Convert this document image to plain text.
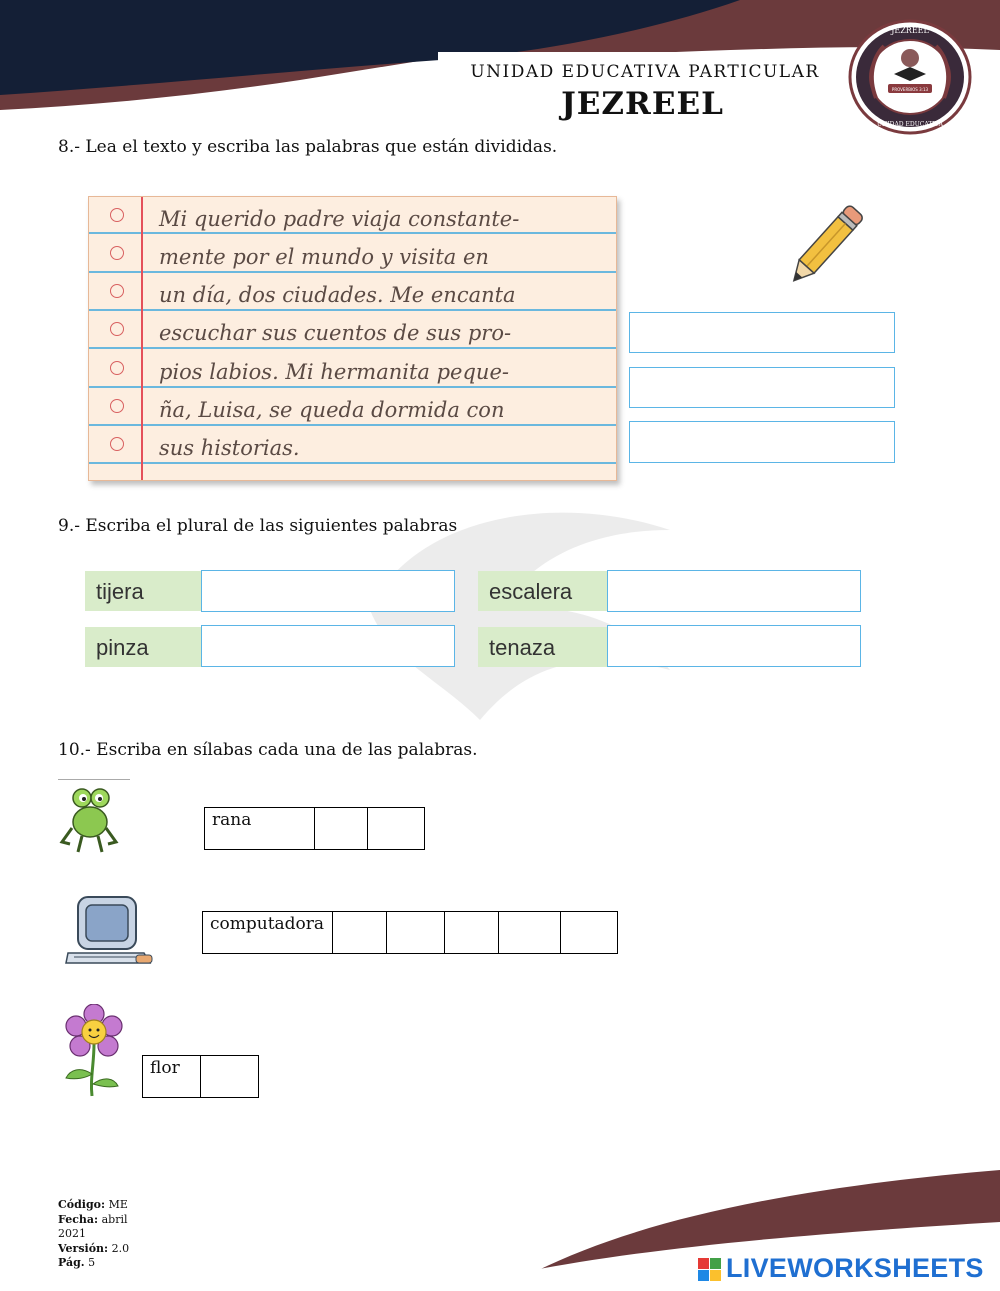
UNIDAD EDUCATIVA PARTICULAR
JEZREEL
JEZREEL
UNIDAD EDUCATIVA
PROVERBIOS 3:13
8.- Lea el texto y escriba las palabras que están divididas.
Mi querido padre viaja constante-
mente por el mundo y visita en
un día, dos ciudades. Me encanta
escuchar sus cuentos de sus pro-
pios labios. Mi hermanita peque-
ña, Luisa, se queda dormida con
sus historias.
9.- Escriba el plural de las siguientes palabras
tijera	escalera
pinza	tenaza
10.- Escriba en sílabas cada una de las palabras.
rana		
computadora					
flor	
Código: ME
Fecha: abril
2021
Versión: 2.0
Pág. 5	LIVEWORKSHEETS
